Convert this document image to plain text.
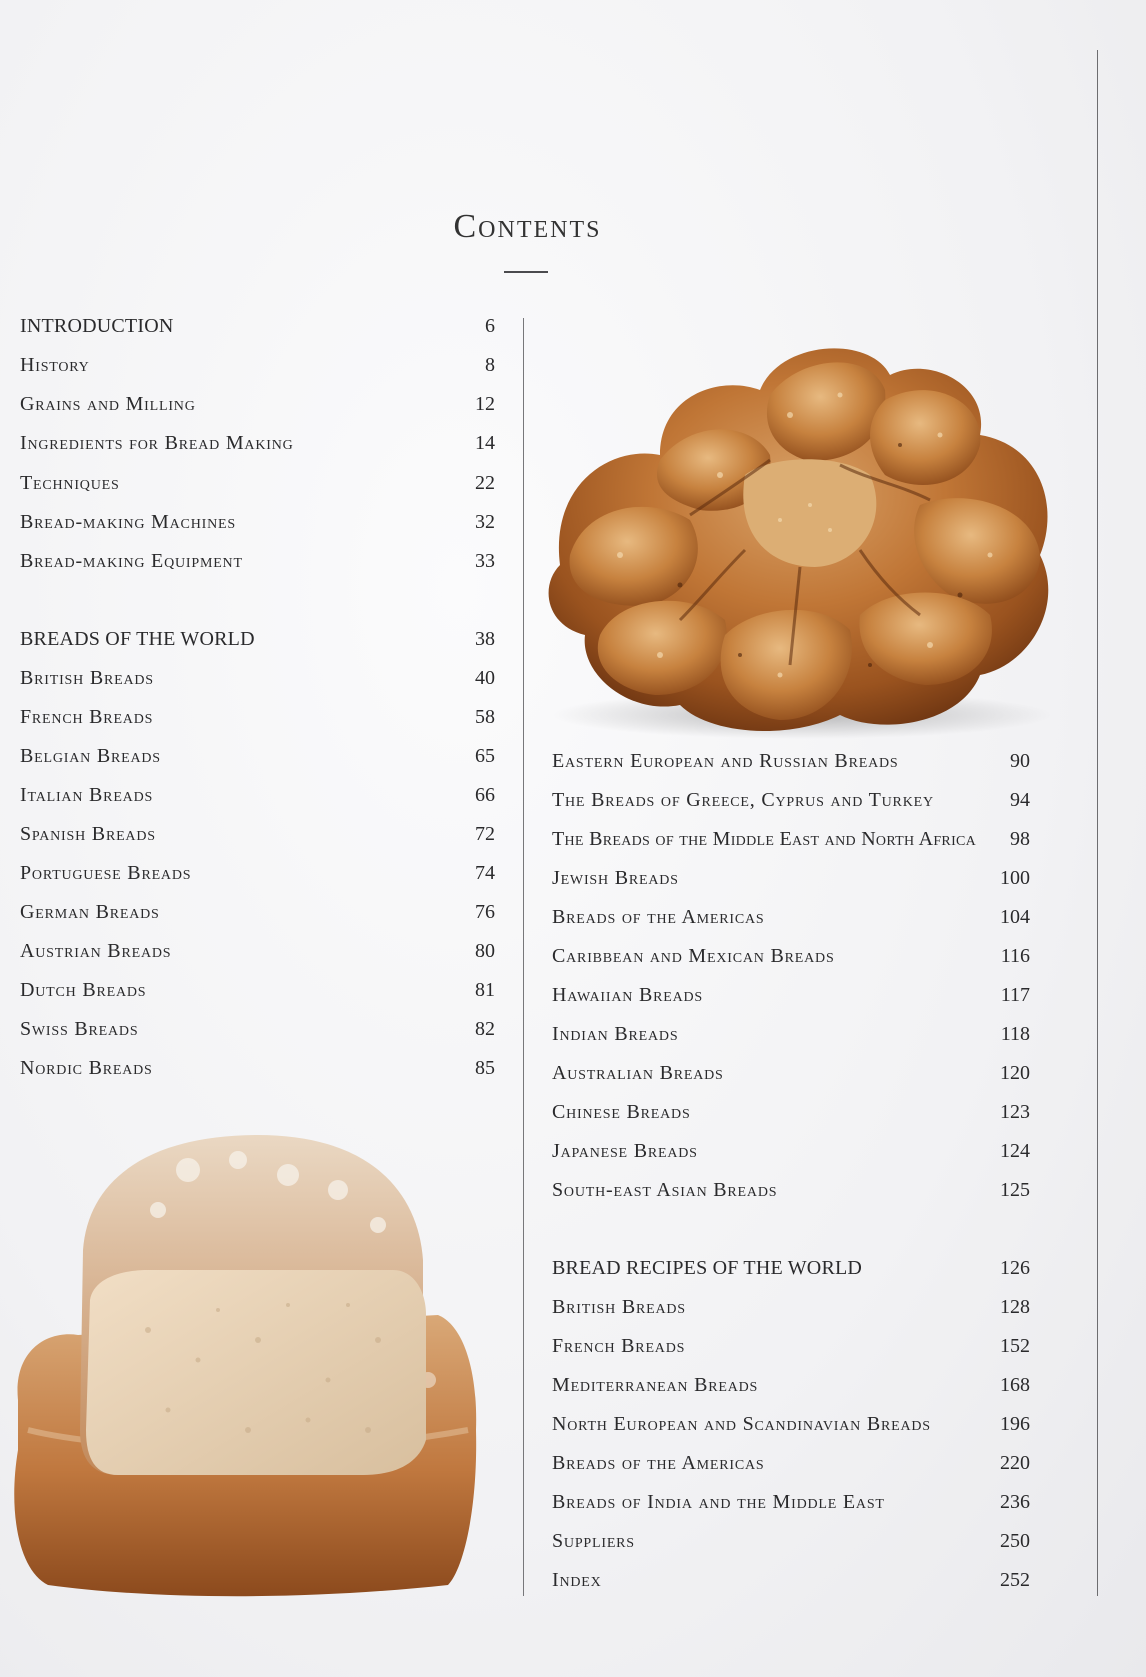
Contents
INTRODUCTION	6
History	8
Grains and Milling	12
Ingredients for Bread Making	14
Techniques	22
Bread-making Machines	32
Bread-making Equipment	33
BREADS OF THE WORLD	38
British Breads	40
French Breads	58
Belgian Breads	65
Italian Breads	66
Spanish Breads	72
Portuguese Breads	74
German Breads	76
Austrian Breads	80
Dutch Breads	81
Swiss Breads	82
Nordic Breads	85
Eastern European and Russian Breads	90
The Breads of Greece, Cyprus and Turkey	94
The Breads of the Middle East and North Africa 98
Jewish Breads	100
Breads of the Americas	104
Caribbean and Mexican Breads	116
Hawaiian Breads	117
Indian Breads	118
Australian Breads	120
Chinese Breads	123
Japanese Breads	124
South-east Asian Breads	125
BREAD RECIPES OF THE WORLD	126
British Breads	128
French Breads	152
Mediterranean Breads	168
North European and Scandinavian Breads	196
Breads of the Americas	220
Breads of India and the Middle East	236
Suppliers	250
Index	252
